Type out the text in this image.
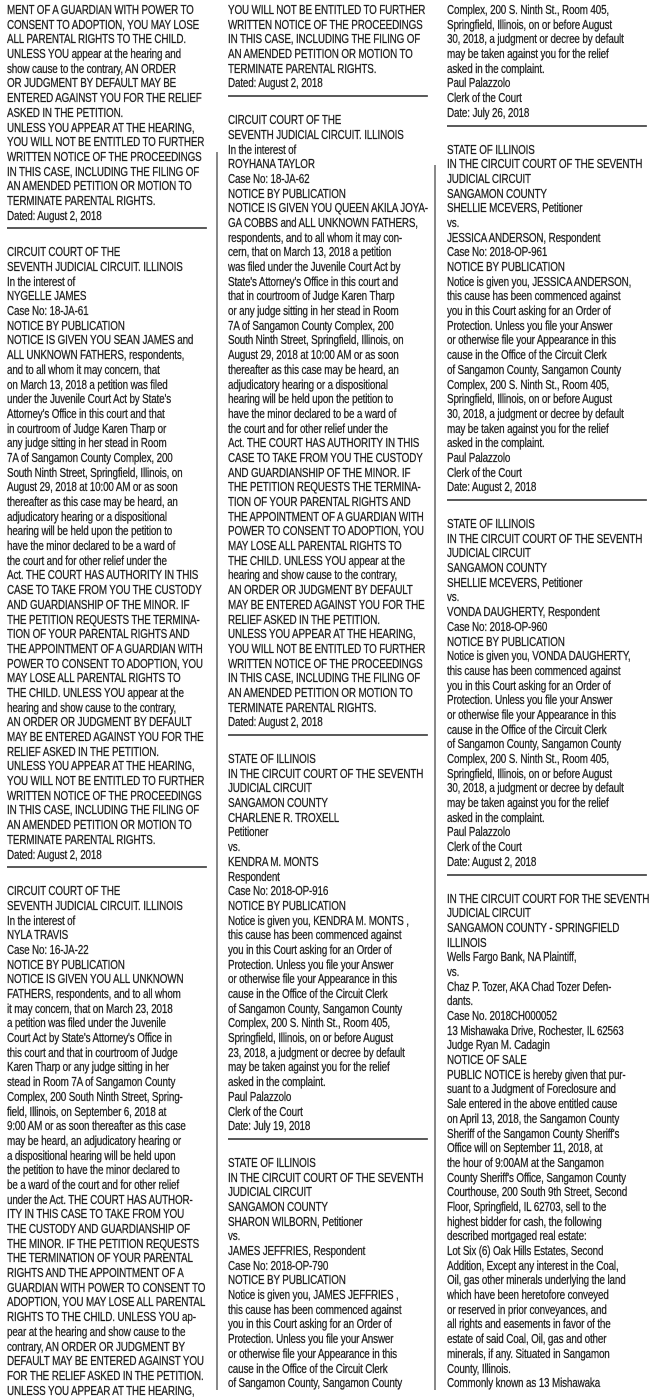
MENT OF A GUARDIAN WITH POWER TO
CONSENT TO ADOPTION, YOU MAY LOSE
ALL PARENTAL RIGHTS TO THE CHILD.
UNLESS YOU appear at the hearing and
show cause to the contrary, AN ORDER
OR JUDGMENT BY DEFAULT MAY BE
ENTERED AGAINST YOU FOR THE RELIEF
ASKED IN THE PETITION.
UNLESS YOU APPEAR AT THE HEARING,
YOU WILL NOT BE ENTITLED TO FURTHER
WRITTEN NOTICE OF THE PROCEEDINGS
IN THIS CASE, INCLUDING THE FILING OF
AN AMENDED PETITION OR MOTION TO
TERMINATE PARENTAL RIGHTS.
Dated: August 2, 2018
CIRCUIT COURT OF THE
SEVENTH JUDICIAL CIRCUIT. ILLINOIS
In the interest of
NYGELLE JAMES
Case No: 18-JA-61
NOTICE BY PUBLICATION
NOTICE IS GIVEN YOU SEAN JAMES and
ALL UNKNOWN FATHERS, respondents,
and to all whom it may concern, that
on March 13, 2018 a petition was filed
under the Juvenile Court Act by State's
Attorney's Office in this court and that
in courtroom of Judge Karen Tharp or
any judge sitting in her stead in Room
7A of Sangamon County Complex, 200
South Ninth Street, Springfield, Illinois, on
August 29, 2018 at 10:00 AM or as soon
thereafter as this case may be heard, an
adjudicatory hearing or a dispositional
hearing will be held upon the petition to
have the minor declared to be a ward of
the court and for other relief under the
Act. THE COURT HAS AUTHORITY IN THIS
CASE TO TAKE FROM YOU THE CUSTODY
AND GUARDIANSHIP OF THE MINOR. IF
THE PETITION REQUESTS THE TERMINA-
TION OF YOUR PARENTAL RIGHTS AND
THE APPOINTMENT OF A GUARDIAN WITH
POWER TO CONSENT TO ADOPTION, YOU
MAY LOSE ALL PARENTAL RIGHTS TO
THE CHILD. UNLESS YOU appear at the
hearing and show cause to the contrary,
AN ORDER OR JUDGMENT BY DEFAULT
MAY BE ENTERED AGAINST YOU FOR THE
RELIEF ASKED IN THE PETITION.
UNLESS YOU APPEAR AT THE HEARING,
YOU WILL NOT BE ENTITLED TO FURTHER
WRITTEN NOTICE OF THE PROCEEDINGS
IN THIS CASE, INCLUDING THE FILING OF
AN AMENDED PETITION OR MOTION TO
TERMINATE PARENTAL RIGHTS.
Dated: August 2, 2018
CIRCUIT COURT OF THE
SEVENTH JUDICIAL CIRCUIT. ILLINOIS
In the interest of
NYLA TRAVIS
Case No: 16-JA-22
NOTICE BY PUBLICATION
NOTICE IS GIVEN YOU ALL UNKNOWN
FATHERS, respondents, and to all whom
it may concern, that on March 23, 2018
a petition was filed under the Juvenile
Court Act by State's Attorney's Office in
this court and that in courtroom of Judge
Karen Tharp or any judge sitting in her
stead in Room 7A of Sangamon County
Complex, 200 South Ninth Street, Spring-
field, Illinois, on September 6, 2018 at
9:00 AM or as soon thereafter as this case
may be heard, an adjudicatory hearing or
a dispositional hearing will be held upon
the petition to have the minor declared to
be a ward of the court and for other relief
under the Act. THE COURT HAS AUTHOR-
ITY IN THIS CASE TO TAKE FROM YOU
THE CUSTODY AND GUARDIANSHIP OF
THE MINOR. IF THE PETITION REQUESTS
THE TERMINATION OF YOUR PARENTAL
RIGHTS AND THE APPOINTMENT OF A
GUARDIAN WITH POWER TO CONSENT TO
ADOPTION, YOU MAY LOSE ALL PARENTAL
RIGHTS TO THE CHILD. UNLESS YOU ap-
pear at the hearing and show cause to the
contrary, AN ORDER OR JUDGMENT BY
DEFAULT MAY BE ENTERED AGAINST YOU
FOR THE RELIEF ASKED IN THE PETITION.
UNLESS YOU APPEAR AT THE HEARING,
YOU WILL NOT BE ENTITLED TO FURTHER
WRITTEN NOTICE OF THE PROCEEDINGS
IN THIS CASE, INCLUDING THE FILING OF
AN AMENDED PETITION OR MOTION TO
TERMINATE PARENTAL RIGHTS.
Dated: August 2, 2018
CIRCUIT COURT OF THE
SEVENTH JUDICIAL CIRCUIT. ILLINOIS
In the interest of
ROYHANA TAYLOR
Case No: 18-JA-62
NOTICE BY PUBLICATION
NOTICE IS GIVEN YOU QUEEN AKILA JOYA-
GA COBBS and ALL UNKNOWN FATHERS,
respondents, and to all whom it may con-
cern, that on March 13, 2018 a petition
was filed under the Juvenile Court Act by
State's Attorney's Office in this court and
that in courtroom of Judge Karen Tharp
or any judge sitting in her stead in Room
7A of Sangamon County Complex, 200
South Ninth Street, Springfield, Illinois, on
August 29, 2018 at 10:00 AM or as soon
thereafter as this case may be heard, an
adjudicatory hearing or a dispositional
hearing will be held upon the petition to
have the minor declared to be a ward of
the court and for other relief under the
Act. THE COURT HAS AUTHORITY IN THIS
CASE TO TAKE FROM YOU THE CUSTODY
AND GUARDIANSHIP OF THE MINOR. IF
THE PETITION REQUESTS THE TERMINA-
TION OF YOUR PARENTAL RIGHTS AND
THE APPOINTMENT OF A GUARDIAN WITH
POWER TO CONSENT TO ADOPTION, YOU
MAY LOSE ALL PARENTAL RIGHTS TO
THE CHILD. UNLESS YOU appear at the
hearing and show cause to the contrary,
AN ORDER OR JUDGMENT BY DEFAULT
MAY BE ENTERED AGAINST YOU FOR THE
RELIEF ASKED IN THE PETITION.
UNLESS YOU APPEAR AT THE HEARING,
YOU WILL NOT BE ENTITLED TO FURTHER
WRITTEN NOTICE OF THE PROCEEDINGS
IN THIS CASE, INCLUDING THE FILING OF
AN AMENDED PETITION OR MOTION TO
TERMINATE PARENTAL RIGHTS.
Dated: August 2, 2018
STATE OF ILLINOIS
IN THE CIRCUIT COURT OF THE SEVENTH
JUDICIAL CIRCUIT
SANGAMON COUNTY
CHARLENE R. TROXELL
Petitioner
vs.
KENDRA M. MONTS
Respondent
Case No: 2018-OP-916
NOTICE BY PUBLICATION
Notice is given you, KENDRA M. MONTS ,
this cause has been commenced against
you in this Court asking for an Order of
Protection. Unless you file your Answer
or otherwise file your Appearance in this
cause in the Office of the Circuit Clerk
of Sangamon County, Sangamon County
Complex, 200 S. Ninth St., Room 405,
Springfield, Illinois, on or before August
23, 2018, a judgment or decree by default
may be taken against you for the relief
asked in the complaint.
Paul Palazzolo
Clerk of the Court
Date: July 19, 2018
STATE OF ILLINOIS
IN THE CIRCUIT COURT OF THE SEVENTH
JUDICIAL CIRCUIT
SANGAMON COUNTY
SHARON WILBORN, Petitioner
vs.
JAMES JEFFRIES, Respondent
Case No: 2018-OP-790
NOTICE BY PUBLICATION
Notice is given you, JAMES JEFFRIES ,
this cause has been commenced against
you in this Court asking for an Order of
Protection. Unless you file your Answer
or otherwise file your Appearance in this
cause in the Office of the Circuit Clerk
of Sangamon County, Sangamon County
Complex, 200 S. Ninth St., Room 405,
Springfield, Illinois, on or before August
30, 2018, a judgment or decree by default
may be taken against you for the relief
asked in the complaint.
Paul Palazzolo
Clerk of the Court
Date: July 26, 2018
STATE OF ILLINOIS
IN THE CIRCUIT COURT OF THE SEVENTH
JUDICIAL CIRCUIT
SANGAMON COUNTY
SHELLIE MCEVERS, Petitioner
vs.
JESSICA ANDERSON, Respondent
Case No: 2018-OP-961
NOTICE BY PUBLICATION
Notice is given you, JESSICA ANDERSON,
this cause has been commenced against
you in this Court asking for an Order of
Protection. Unless you file your Answer
or otherwise file your Appearance in this
cause in the Office of the Circuit Clerk
of Sangamon County, Sangamon County
Complex, 200 S. Ninth St., Room 405,
Springfield, Illinois, on or before August
30, 2018, a judgment or decree by default
may be taken against you for the relief
asked in the complaint.
Paul Palazzolo
Clerk of the Court
Date: August 2, 2018
STATE OF ILLINOIS
IN THE CIRCUIT COURT OF THE SEVENTH
JUDICIAL CIRCUIT
SANGAMON COUNTY
SHELLIE MCEVERS, Petitioner
vs.
VONDA DAUGHERTY, Respondent
Case No: 2018-OP-960
NOTICE BY PUBLICATION
Notice is given you, VONDA DAUGHERTY,
this cause has been commenced against
you in this Court asking for an Order of
Protection. Unless you file your Answer
or otherwise file your Appearance in this
cause in the Office of the Circuit Clerk
of Sangamon County, Sangamon County
Complex, 200 S. Ninth St., Room 405,
Springfield, Illinois, on or before August
30, 2018, a judgment or decree by default
may be taken against you for the relief
asked in the complaint.
Paul Palazzolo
Clerk of the Court
Date: August 2, 2018
IN THE CIRCUIT COURT FOR THE SEVENTH
JUDICIAL CIRCUIT
SANGAMON COUNTY - SPRINGFIELD
ILLINOIS
Wells Fargo Bank, NA Plaintiff,
vs.
Chaz P. Tozer, AKA Chad Tozer Defen-
dants.
Case No. 2018CH000052
13 Mishawaka Drive, Rochester, IL 62563
Judge Ryan M. Cadagin
NOTICE OF SALE
PUBLIC NOTICE is hereby given that pur-
suant to a Judgment of Foreclosure and
Sale entered in the above entitled cause
on April 13, 2018, the Sangamon County
Sheriff of the Sangamon County Sheriff's
Office will on September 11, 2018, at
the hour of 9:00AM at the Sangamon
County Sheriff's Office, Sangamon County
Courthouse, 200 South 9th Street, Second
Floor, Springfield, IL 62703, sell to the
highest bidder for cash, the following
described mortgaged real estate:
Lot Six (6) Oak Hills Estates, Second
Addition, Except any interest in the Coal,
Oil, gas other minerals underlying the land
which have been heretofore conveyed
or reserved in prior conveyances, and
all rights and easements in favor of the
estate of said Coal, Oil, gas and other
minerals, if any. Situated in Sangamon
County, Illinois.
Commonly known as 13 Mishawaka
